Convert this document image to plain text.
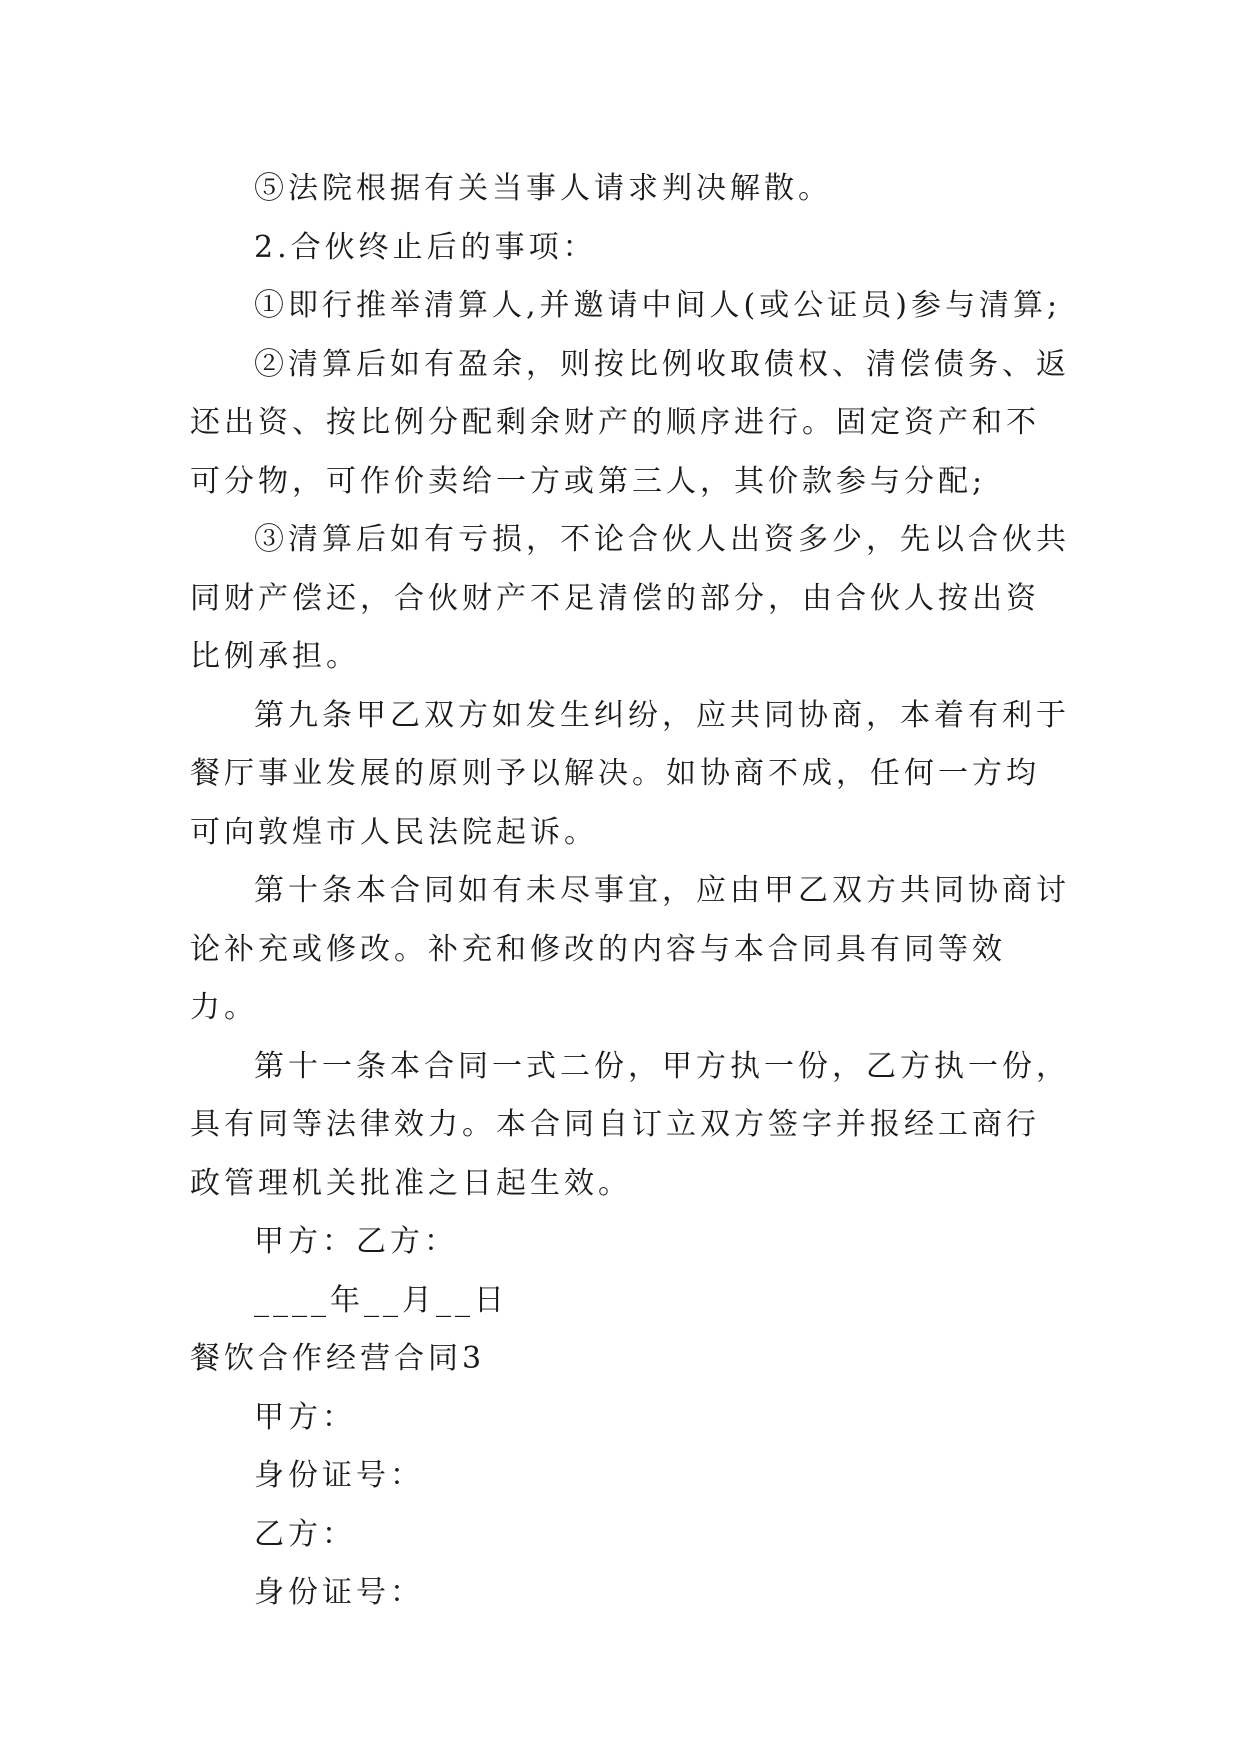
⑤法院根据有关当事人请求判决解散。

2.合伙终止后的事项：

①即行推举清算人,并邀请中间人(或公证员)参与清算;

②清算后如有盈余，则按比例收取债权、清偿债务、返还出资、按比例分配剩余财产的顺序进行。固定资产和不可分物，可作价卖给一方或第三人，其价款参与分配;

③清算后如有亏损，不论合伙人出资多少，先以合伙共同财产偿还，合伙财产不足清偿的部分，由合伙人按出资比例承担。

第九条甲乙双方如发生纠纷，应共同协商，本着有利于餐厅事业发展的原则予以解决。如协商不成，任何一方均可向敦煌市人民法院起诉。

第十条本合同如有未尽事宜，应由甲乙双方共同协商讨论补充或修改。补充和修改的内容与本合同具有同等效力。

第十一条本合同一式二份，甲方执一份，乙方执一份，具有同等法律效力。本合同自订立双方签字并报经工商行政管理机关批准之日起生效。

甲方：乙方：

____年__月__日

餐饮合作经营合同3

甲方：

身份证号：

乙方：

身份证号：
